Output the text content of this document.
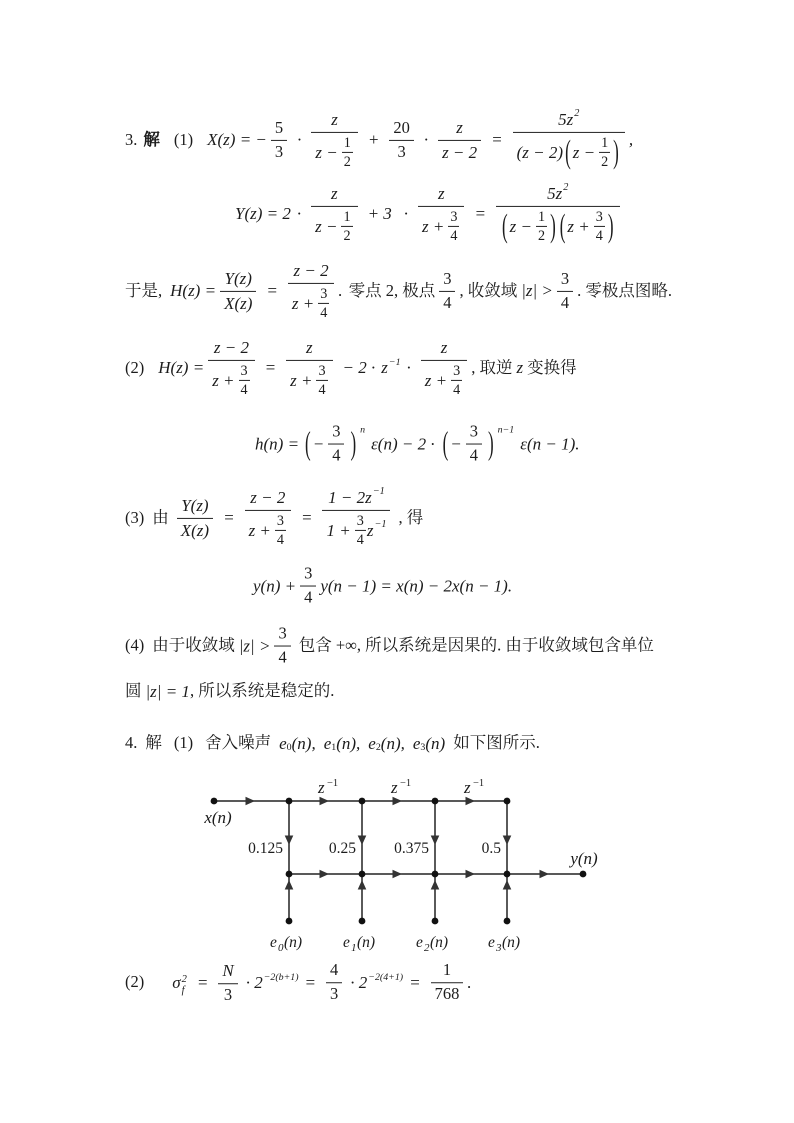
3. 解 (1) X(z) = − $\frac{5}{3} \cdot \frac{z}{z - \frac{1}{2}} + \frac{20}{3} \cdot \frac{z}{z - 2}$ =
5z 2
(z − 2) ( $z - \frac{1}{2}$ ) ,
$Y(z) = 2 \cdot \frac{z}{z - \frac{1}{2}} + 3 \cdot \frac{z}{z + \frac{3}{4}}$ =
5z 2
( $z - \frac{1}{2}$ ) ( $z + \frac{3}{4}$ )
于是, $H(z) = \frac{Y(z)}{X(z)} = \frac{z - 2}{z + \frac{3}{4}}$ . 零点 2, 极点 $\frac{3}{4}$ , 收敛域 $|z| > \frac{3}{4}$ . 零极点图略.
(2) $H(z) = \frac{z - 2}{z + \frac{3}{4}} = \frac{z}{z + \frac{3}{4}} - 2 \cdot z -1 \cdot \frac{z}{z + \frac{3}{4}}$ , 取逆 z 变换得
h(n) = ( − $\frac{3}{4}$ ) n
ε(n) − 2 · ( − $\frac{3}{4}$ ) n−1
ε(n − 1).
(3) 由 $\frac{Y(z)}{X(z)} = \frac{z - 2}{z + \frac{3}{4}}$ =
1 − 2z −1
$1 + \frac{3}{4}$ z −1 , 得
$y(n) + \frac{3}{4} y(n - 1) = x(n) - 2x(n - 1)$.
(4) 由于收敛域 $|z| > \frac{3}{4}$ 包含 +∞, 所以系统是因果的. 由于收敛域包含单位
圆 |z| = 1 , 所以系统是稳定的.
4. 解 (1) 舍入噪声 e 0 (n), e 1 (n), e 2 (n), e 3 (n) 如下图所示.
x(n)
y(n)
z −1	z −1	z −1
0.125	0.25 0.375	0.5
e 0 (n)	e 1 (n)	e 2 (n)	e 3 (n)
(2) σ 2
$f = \frac{N}{3} \cdot 2 -2(b+1) = \frac{4}{3} \cdot 2 -2(4+1) = \frac{1}{768}$ .
